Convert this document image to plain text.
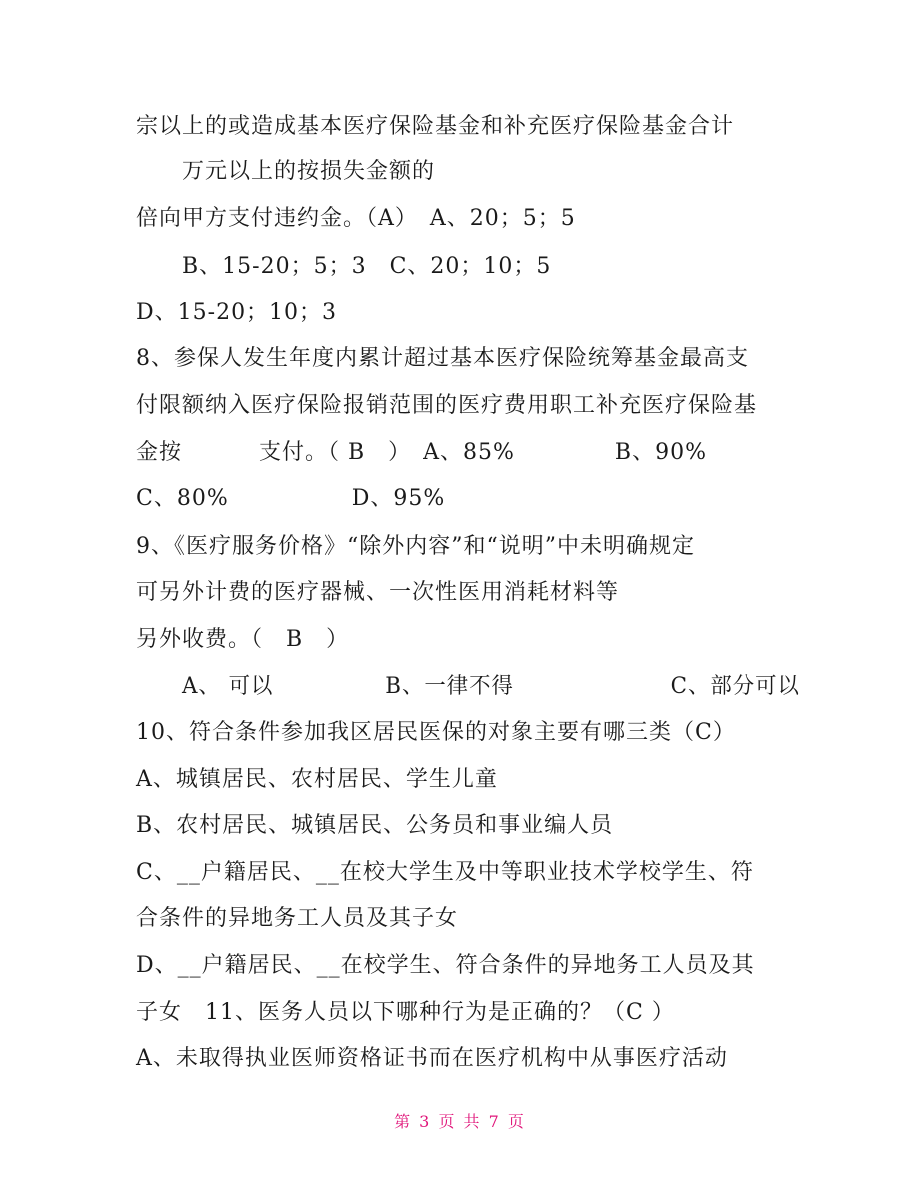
宗以上的或造成基本医疗保险基金和补充医疗保险基金合计
万元以上的按损失金额的
倍向甲方支付违约金。（A）　A、20；5；5
B、15-20；5；3　C、20；10；5
D、15-20；10；3
8、参保人发生年度内累计超过基本医疗保险统筹基金最高支
付限额纳入医疗保险报销范围的医疗费用职工补充医疗保险基
金按　　　 支付。（ B　）　A、85%　　　　 B、90%
C、80%　　　　　 D、95%
9、《医疗服务价格》“除外内容”和“说明”中未明确规定
可另外计费的医疗器械、一次性医用消耗材料等
另外收费。（　B　）
A、 可以　　　　　B、一律不得　　　　　　　C、部分可以
10、符合条件参加我区居民医保的对象主要有哪三类（C）
A、城镇居民、农村居民、学生儿童
B、农村居民、城镇居民、公务员和事业编人员
C、__户籍居民、__在校大学生及中等职业技术学校学生、符
合条件的异地务工人员及其子女
D、__户籍居民、__在校学生、符合条件的异地务工人员及其
子女　11、医务人员以下哪种行为是正确的？（C ）
A、未取得执业医师资格证书而在医疗机构中从事医疗活动
第 3 页 共 7 页
